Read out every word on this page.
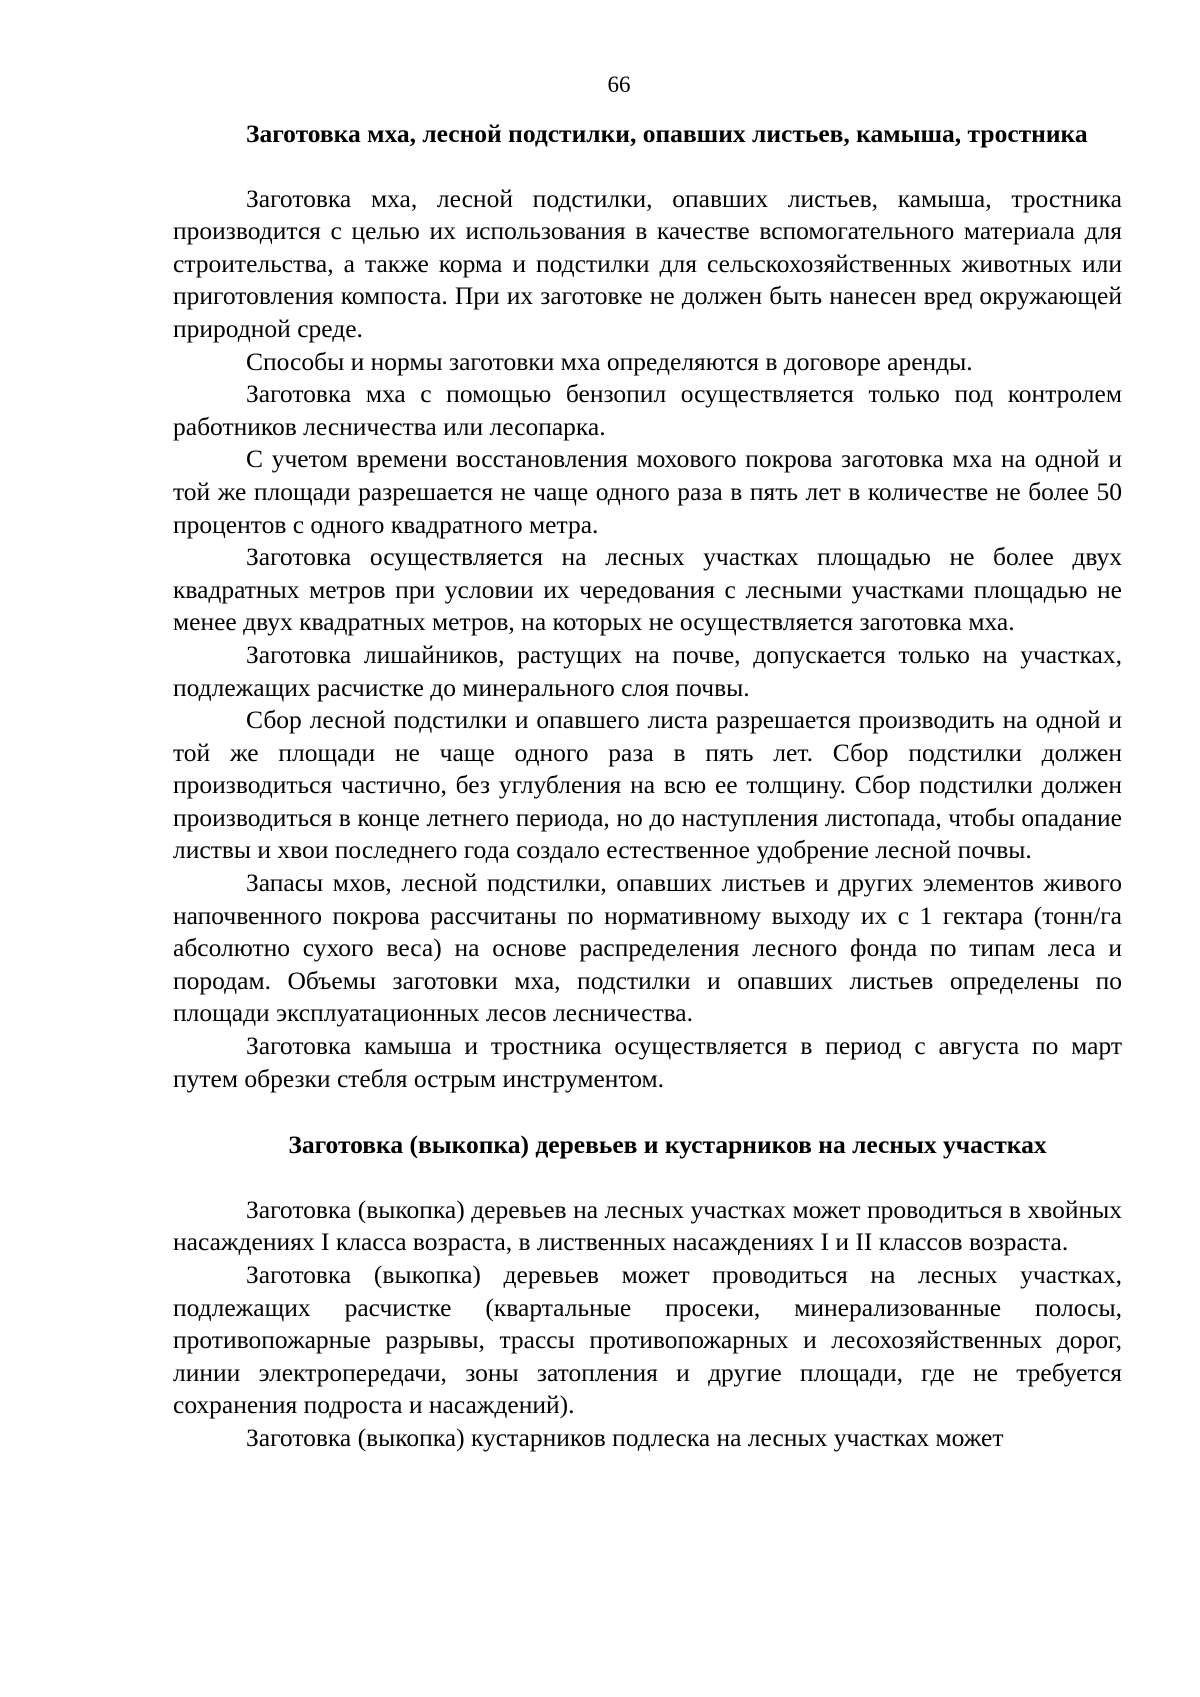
66

Заготовка мха, лесной подстилки, опавших листьев, камыша, тростника

Заготовка мха, лесной подстилки, опавших листьев, камыша, тростника производится с целью их использования в качестве вспомогательного материала для строительства, а также корма и подстилки для сельскохозяйственных животных или приготовления компоста. При их заготовке не должен быть нанесен вред окружающей природной среде.

Способы и нормы заготовки мха определяются в договоре аренды.

Заготовка мха с помощью бензопил осуществляется только под контролем работников лесничества или лесопарка.

С учетом времени восстановления мохового покрова заготовка мха на одной и той же площади разрешается не чаще одного раза в пять лет в количестве не более 50 процентов с одного квадратного метра.

Заготовка осуществляется на лесных участках площадью не более двух квадратных метров при условии их чередования с лесными участками площадью не менее двух квадратных метров, на которых не осуществляется заготовка мха.

Заготовка лишайников, растущих на почве, допускается только на участках, подлежащих расчистке до минерального слоя почвы.

Сбор лесной подстилки и опавшего листа разрешается производить на одной и той же площади не чаще одного раза в пять лет. Сбор подстилки должен производиться частично, без углубления на всю ее толщину. Сбор подстилки должен производиться в конце летнего периода, но до наступления листопада, чтобы опадание листвы и хвои последнего года создало естественное удобрение лесной почвы.

Запасы мхов, лесной подстилки, опавших листьев и других элементов живого напочвенного покрова рассчитаны по нормативному выходу их с 1 гектара (тонн/га абсолютно сухого веса) на основе распределения лесного фонда по типам леса и породам. Объемы заготовки мха, подстилки и опавших листьев определены по площади эксплуатационных лесов лесничества.

Заготовка камыша и тростника осуществляется в период с августа по март путем обрезки стебля острым инструментом.

Заготовка (выкопка) деревьев и кустарников на лесных участках

Заготовка (выкопка) деревьев на лесных участках может проводиться в хвойных насаждениях I класса возраста, в лиственных насаждениях I и II классов возраста.

Заготовка (выкопка) деревьев может проводиться на лесных участках, подлежащих расчистке (квартальные просеки, минерализованные полосы, противопожарные разрывы, трассы противопожарных и лесохозяйственных дорог, линии электропередачи, зоны затопления и другие площади, где не требуется сохранения подроста и насаждений).

Заготовка (выкопка) кустарников подлеска на лесных участках может
